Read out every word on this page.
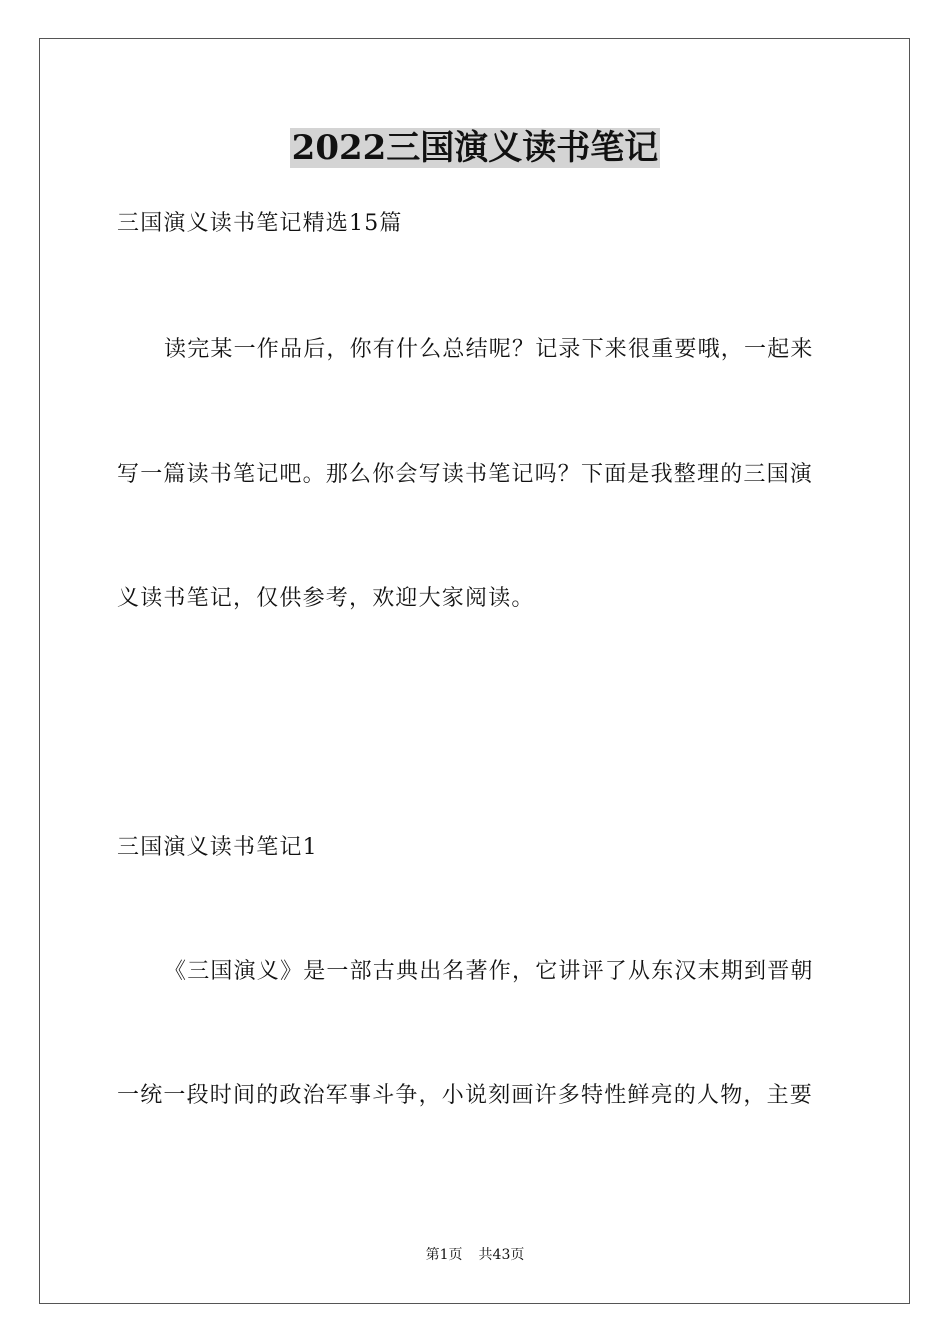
2022三国演义读书笔记
三国演义读书笔记精选15篇
读完某一作品后，你有什么总结呢？记录下来很重要哦，一起来
写一篇读书笔记吧。那么你会写读书笔记吗？下面是我整理的三国演
义读书笔记，仅供参考，欢迎大家阅读。
三国演义读书笔记1
《三国演义》是一部古典出名著作，它讲评了从东汉末期到晋朝
一统一段时间的政治军事斗争，小说刻画许多特性鲜亮的人物，主要
第1页 共43页
